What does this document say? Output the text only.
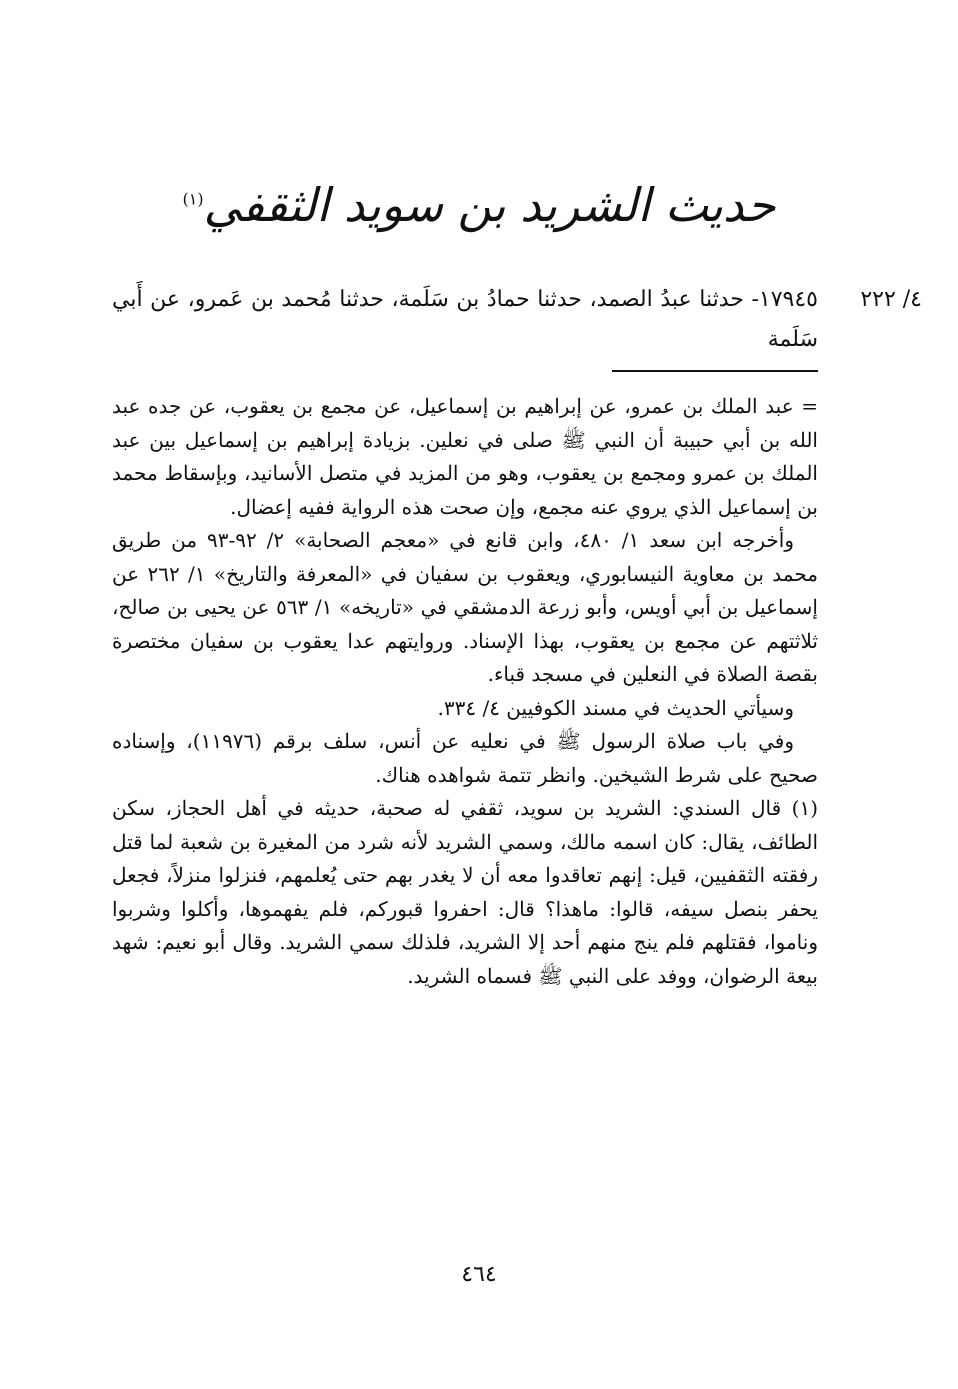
حديث الشريد بن سويد الثقفي$^{(١)}$
٤/ ٢٢٢

١٧٩٤٥- حدثنا عبدُ الصمد، حدثنا حمادُ بن سَلَمة، حدثنا مُحمد بن عَمرو، عن أَبي سَلَمة

= عبد الملك بن عمرو، عن إبراهيم بن إسماعيل، عن مجمع بن يعقوب، عن جده عبد الله بن أبي حبيبة أن النبي ﷺ صلى في نعلين. بزيادة إبراهيم بن إسماعيل بين عبد الملك بن عمرو ومجمع بن يعقوب، وهو من المزيد في متصل الأسانيد، وبإسقاط محمد بن إسماعيل الذي يروي عنه مجمع، وإن صحت هذه الرواية ففيه إعضال.

وأخرجه ابن سعد ١/ ٤٨٠، وابن قانع في «معجم الصحابة» ٢/ ٩٢-٩٣ من طريق محمد بن معاوية النيسابوري، ويعقوب بن سفيان في «المعرفة والتاريخ» ١/ ٢٦٢ عن إسماعيل بن أبي أويس، وأبو زرعة الدمشقي في «تاريخه» ١/ ٥٦٣ عن يحيى بن صالح، ثلاثتهم عن مجمع بن يعقوب، بهذا الإسناد. وروايتهم عدا يعقوب بن سفيان مختصرة بقصة الصلاة في النعلين في مسجد قباء.

وسيأتي الحديث في مسند الكوفيين ٤/ ٣٣٤.

وفي باب صلاة الرسول ﷺ في نعليه عن أنس، سلف برقم (١١٩٧٦)، وإسناده صحيح على شرط الشيخين. وانظر تتمة شواهده هناك.

(١) قال السندي: الشريد بن سويد، ثقفي له صحبة، حديثه في أهل الحجاز، سكن الطائف، يقال: كان اسمه مالك، وسمي الشريد لأنه شرد من المغيرة بن شعبة لما قتل رفقته الثقفيين، قيل: إنهم تعاقدوا معه أن لا يغدر بهم حتى يُعلمهم، فنزلوا منزلاً، فجعل يحفر بنصل سيفه، قالوا: ماهذا؟ قال: احفروا قبوركم، فلم يفهموها، وأكلوا وشربوا وناموا، فقتلهم فلم ينج منهم أحد إلا الشريد، فلذلك سمي الشريد. وقال أبو نعيم: شهد بيعة الرضوان، ووفد على النبي ﷺ فسماه الشريد.

٤٦٤
